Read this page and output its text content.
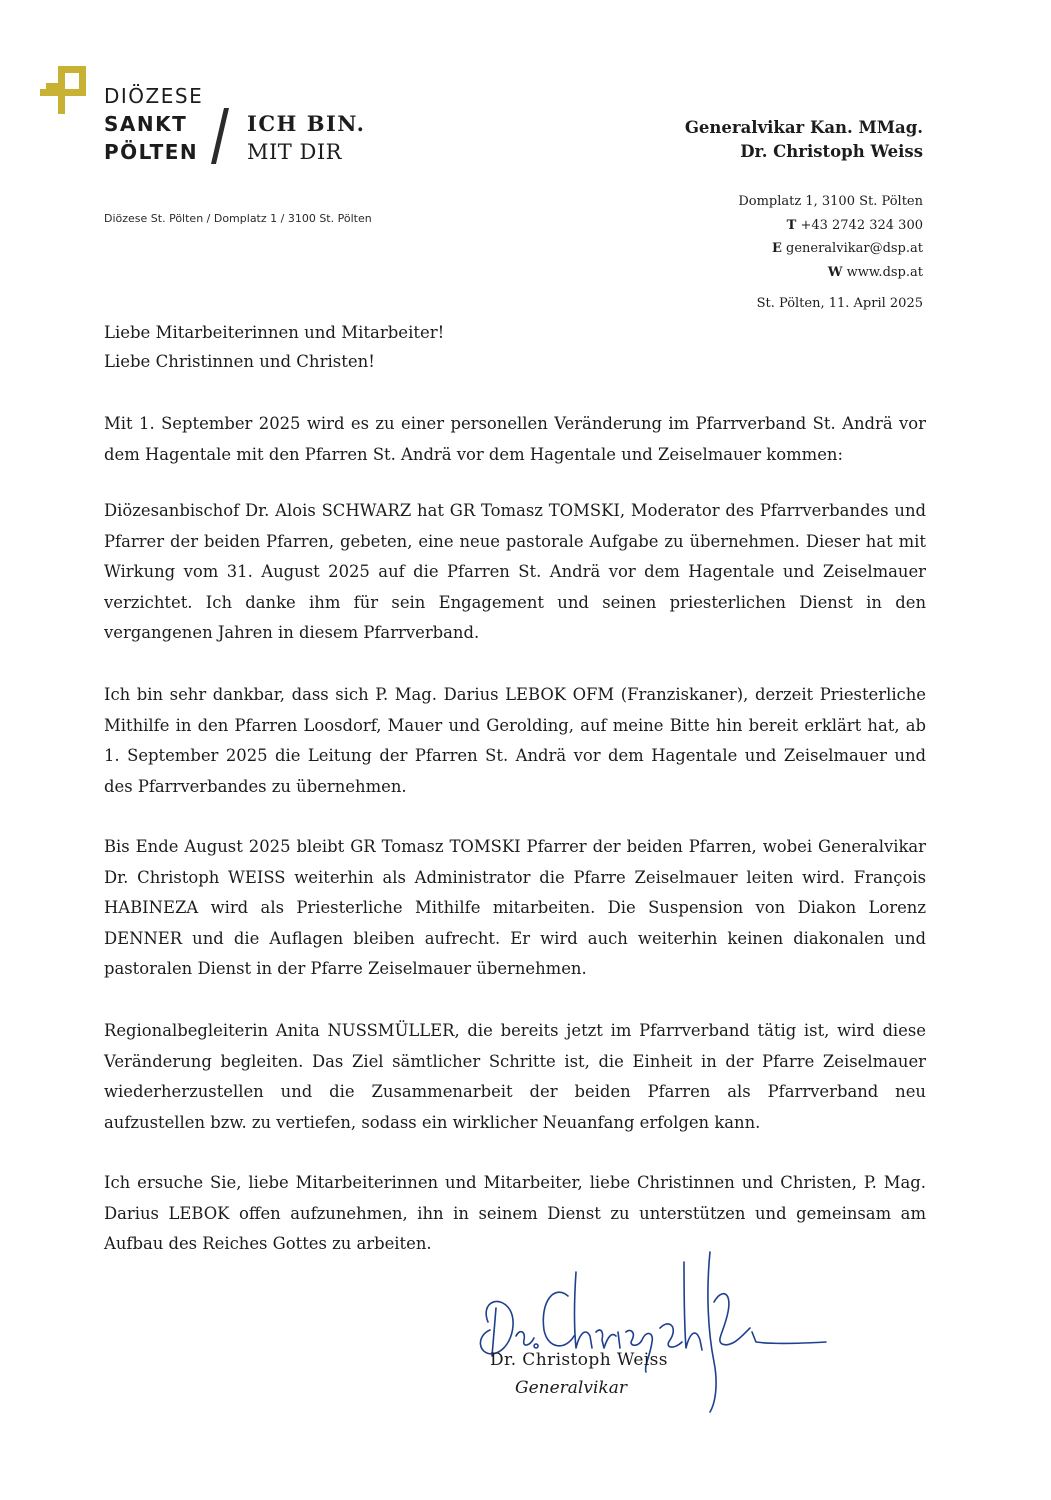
DIÖZESE
SANKT
PÖLTEN
ICH BIN.
MIT DIR
Diözese St. Pölten / Domplatz 1 / 3100 St. Pölten
Generalvikar Kan. MMag.
Dr. Christoph Weiss
Domplatz 1, 3100 St. Pölten
T +43 2742 324 300
E generalvikar@dsp.at
W www.dsp.at
St. Pölten, 11. April 2025
Liebe Mitarbeiterinnen und Mitarbeiter!
Liebe Christinnen und Christen!
Mit 1. September 2025 wird es zu einer personellen Veränderung im Pfarrverband St. Andrä vor dem Hagentale mit den Pfarren St. Andrä vor dem Hagentale und Zeiselmauer kommen:
Diözesanbischof Dr. Alois SCHWARZ hat GR Tomasz TOMSKI, Moderator des Pfarrverbandes und Pfarrer der beiden Pfarren, gebeten, eine neue pastorale Aufgabe zu übernehmen. Dieser hat mit Wirkung vom 31. August 2025 auf die Pfarren St. Andrä vor dem Hagentale und Zeiselmauer verzichtet. Ich danke ihm für sein Engagement und seinen priesterlichen Dienst in den vergangenen Jahren in diesem Pfarrverband.
Ich bin sehr dankbar, dass sich P. Mag. Darius LEBOK OFM (Franziskaner), derzeit Priesterliche Mithilfe in den Pfarren Loosdorf, Mauer und Gerolding, auf meine Bitte hin bereit erklärt hat, ab 1. September 2025 die Leitung der Pfarren St. Andrä vor dem Hagentale und Zeiselmauer und des Pfarrverbandes zu übernehmen.
Bis Ende August 2025 bleibt GR Tomasz TOMSKI Pfarrer der beiden Pfarren, wobei Generalvikar Dr. Christoph WEISS weiterhin als Administrator die Pfarre Zeiselmauer leiten wird. François HABINEZA wird als Priesterliche Mithilfe mitarbeiten. Die Suspension von Diakon Lorenz DENNER und die Auflagen bleiben aufrecht. Er wird auch weiterhin keinen diakonalen und pastoralen Dienst in der Pfarre Zeiselmauer übernehmen.
Regionalbegleiterin Anita NUSSMÜLLER, die bereits jetzt im Pfarrverband tätig ist, wird diese Veränderung begleiten. Das Ziel sämtlicher Schritte ist, die Einheit in der Pfarre Zeiselmauer wiederherzustellen und die Zusammenarbeit der beiden Pfarren als Pfarrverband neu aufzustellen bzw. zu vertiefen, sodass ein wirklicher Neuanfang erfolgen kann.
Ich ersuche Sie, liebe Mitarbeiterinnen und Mitarbeiter, liebe Christinnen und Christen, P. Mag. Darius LEBOK offen aufzunehmen, ihn in seinem Dienst zu unterstützen und gemeinsam am Aufbau des Reiches Gottes zu arbeiten.
Dr. Christoph Weiss
Generalvikar
